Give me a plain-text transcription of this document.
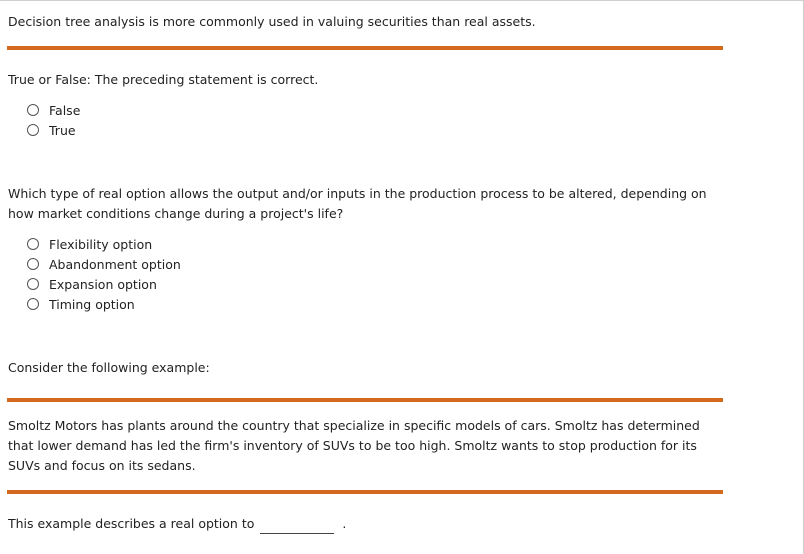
Decision tree analysis is more commonly used in valuing securities than real assets.
True or False: The preceding statement is correct.
False
True
Which type of real option allows the output and/or inputs in the production process to be altered, depending on how market conditions change during a project's life?
Flexibility option
Abandonment option
Expansion option
Timing option
Consider the following example:
Smoltz Motors has plants around the country that specialize in specific models of cars. Smoltz has determined that lower demand has led the firm's inventory of SUVs to be too high. Smoltz wants to stop production for its SUVs and focus on its sedans.
This example describes a real option to	.
